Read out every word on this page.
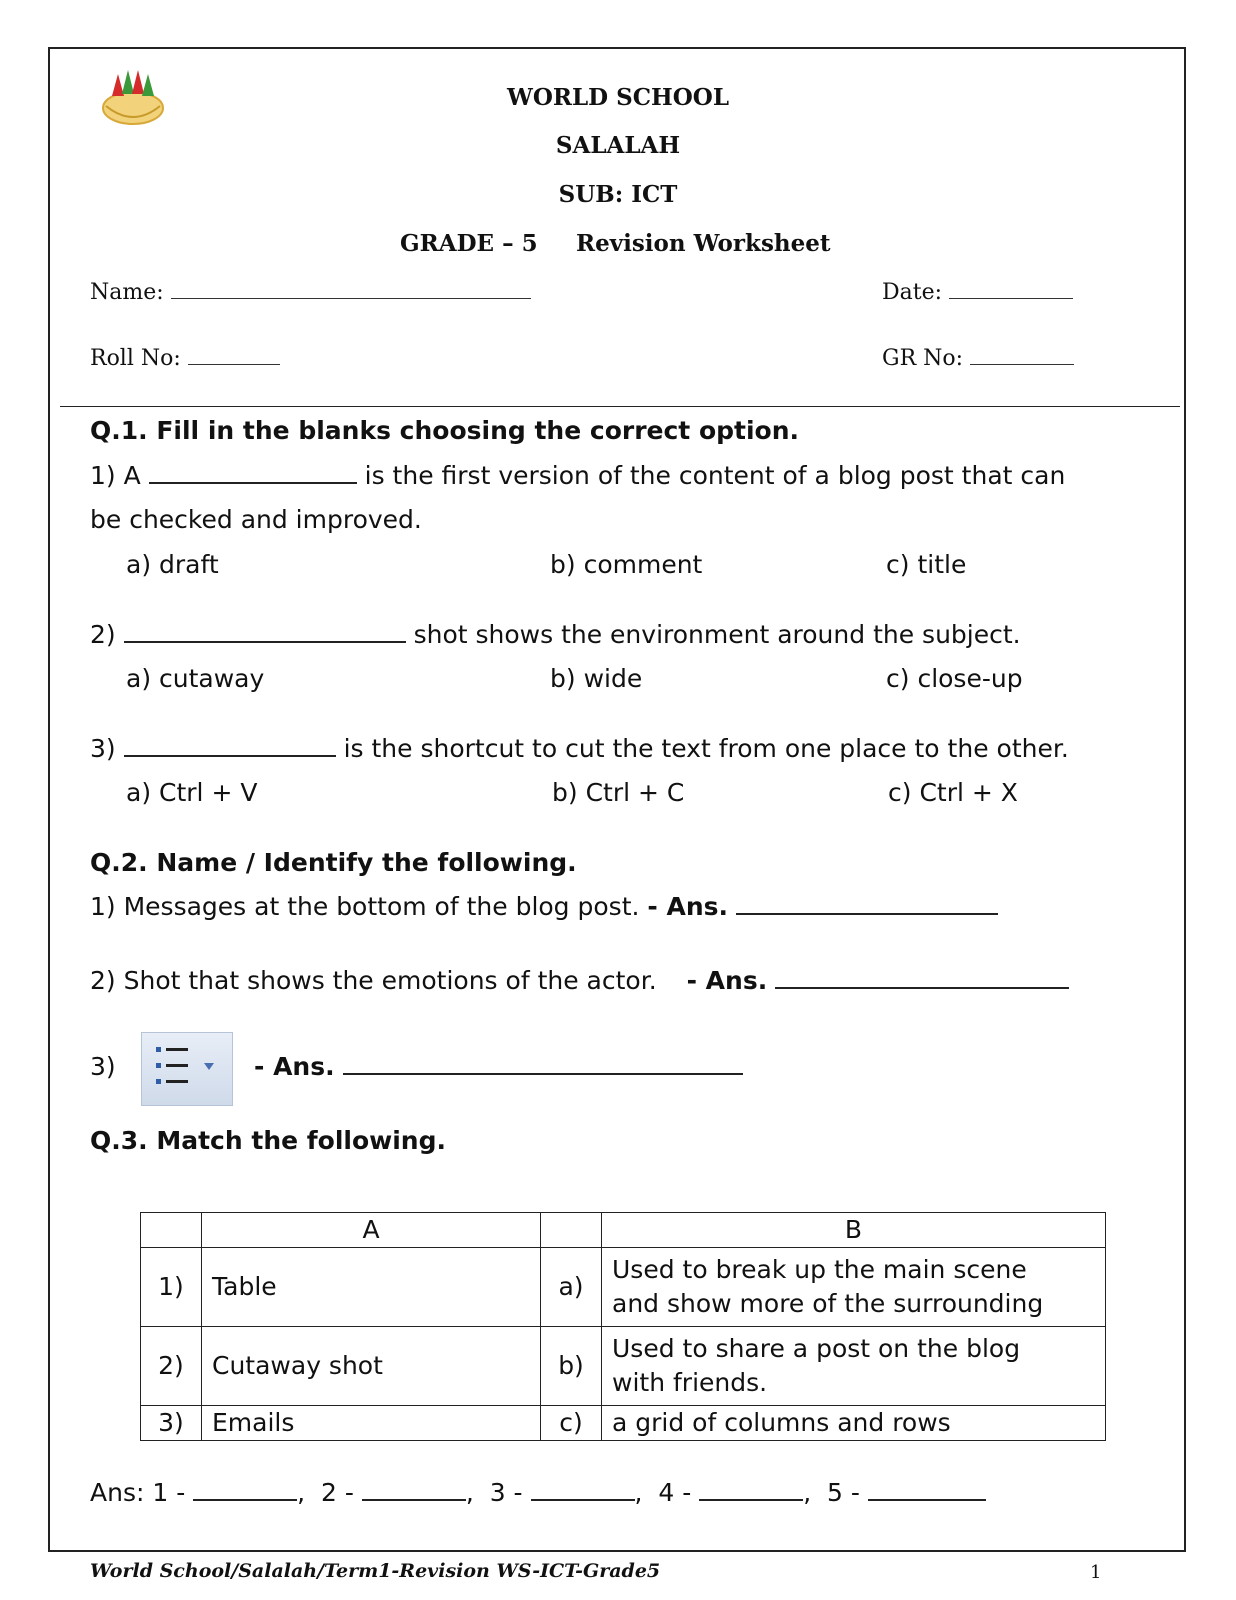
WORLD SCHOOL
SALALAH
SUB: ICT
GRADE – 5 Revision Worksheet
Name:	Date:
Roll No:	GR No:
Q.1. Fill in the blanks choosing the correct option.
1) A	is the first version of the content of a blog post that can
be checked and improved.
a) draft	b) comment	c) title
2)	shot shows the environment around the subject.
a) cutaway	b) wide	c) close-up
3)	is the shortcut to cut the text from one place to the other.
a) Ctrl + V	b) Ctrl + C	c) Ctrl + X
Q.2. Name / Identify the following.
1) Messages at the bottom of the blog post. - Ans.
2) Shot that shows the emotions of the actor. - Ans.
3)	- Ans.
Q.3. Match the following.
	A		B
1)	Table	a)	Used to break up the main scene
and show more of the surrounding

2)	Cutaway shot	b)	Used to share a post on the blog
with friends.

3)	Emails	c)	a grid of columns and rows
Ans: 1 -	,  2 -	,  3 -	,  4 -	,  5 -
World School/Salalah/Term1-Revision WS-ICT-Grade5	1
